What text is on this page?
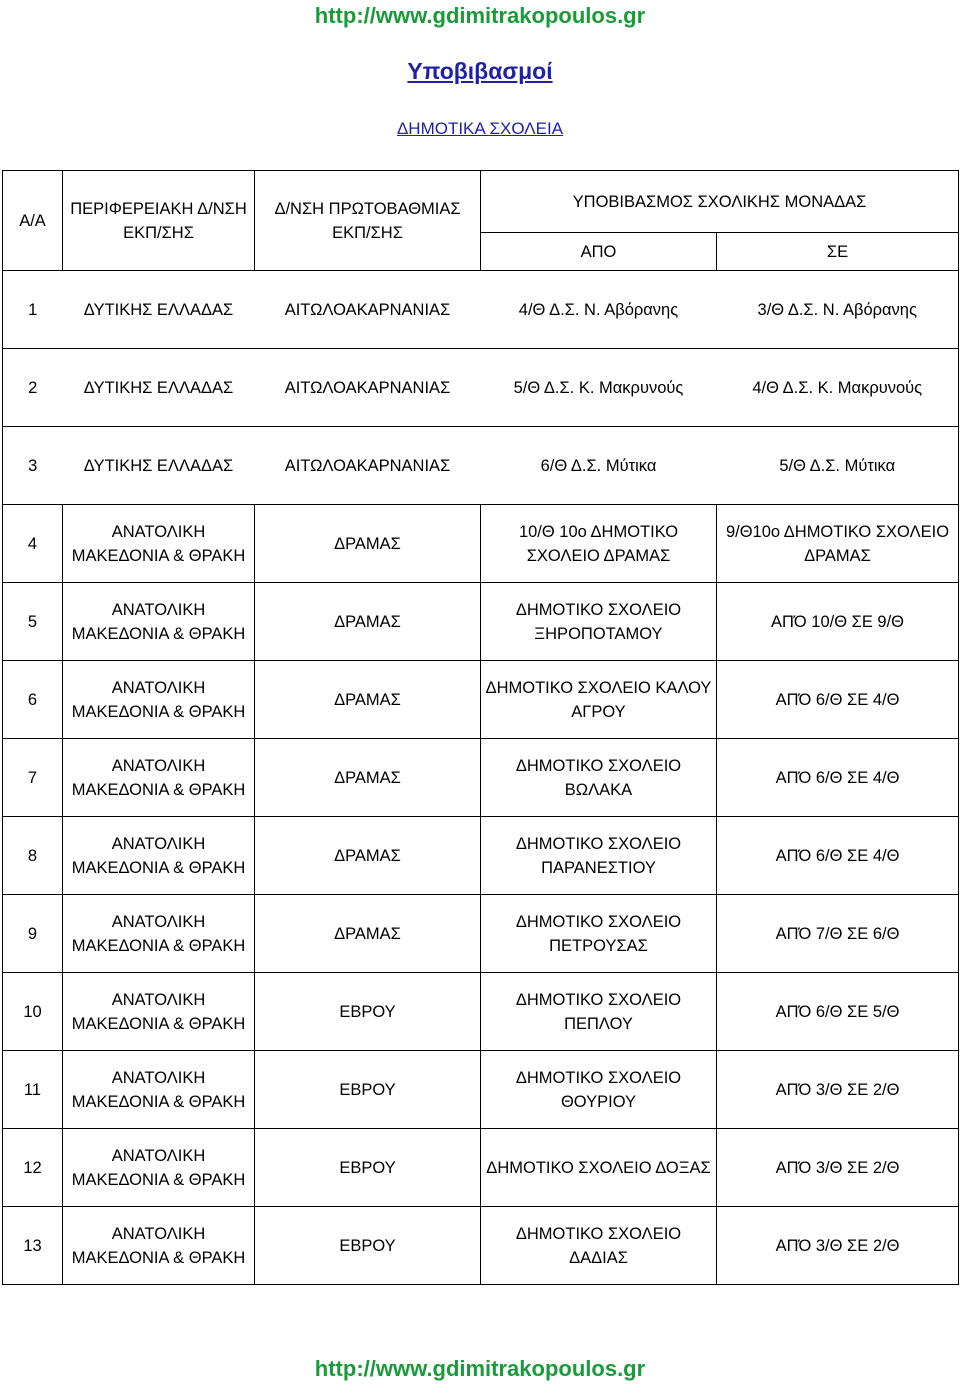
http://www.gdimitrakopoulos.gr
Υποβιβασμοί
ΔΗΜΟΤΙΚΑ ΣΧΟΛΕΙΑ
Α/Α	ΠΕΡΙΦΕΡΕΙΑΚΗ Δ/ΝΣΗ ΕΚΠ/ΣΗΣ	Δ/ΝΣΗ ΠΡΩΤΟΒΑΘΜΙΑΣ ΕΚΠ/ΣΗΣ	ΥΠΟΒΙΒΑΣΜΟΣ ΣΧΟΛΙΚΗΣ ΜΟΝΑΔΑΣ	
			ΑΠΟ	ΣΕ
1	ΔΥΤΙΚΗΣ ΕΛΛΑΔΑΣ	ΑΙΤΩΛΟΑΚΑΡΝΑΝΙΑΣ	4/Θ Δ.Σ. Ν. Αβόρανης	3/Θ Δ.Σ. Ν. Αβόρανης
2	ΔΥΤΙΚΗΣ ΕΛΛΑΔΑΣ	ΑΙΤΩΛΟΑΚΑΡΝΑΝΙΑΣ	5/Θ Δ.Σ. Κ. Μακρυνούς	4/Θ Δ.Σ. Κ. Μακρυνούς
3	ΔΥΤΙΚΗΣ ΕΛΛΑΔΑΣ	ΑΙΤΩΛΟΑΚΑΡΝΑΝΙΑΣ	6/Θ Δ.Σ. Μύτικα	5/Θ Δ.Σ. Μύτικα
4	ΑΝΑΤΟΛΙΚΗ ΜΑΚΕΔΟΝΙΑ & ΘΡΑΚΗ	ΔΡΑΜΑΣ	10/Θ 10ο ΔΗΜΟΤΙΚΟ ΣΧΟΛΕΙΟ ΔΡΑΜΑΣ	9/Θ10ο ΔΗΜΟΤΙΚΟ ΣΧΟΛΕΙΟ ΔΡΑΜΑΣ
5	ΑΝΑΤΟΛΙΚΗ ΜΑΚΕΔΟΝΙΑ & ΘΡΑΚΗ	ΔΡΑΜΑΣ	ΔΗΜΟΤΙΚΟ ΣΧΟΛΕΙΟ ΞΗΡΟΠΟΤΑΜΟΥ	ΑΠΌ 10/Θ ΣΕ 9/Θ
6	ΑΝΑΤΟΛΙΚΗ ΜΑΚΕΔΟΝΙΑ & ΘΡΑΚΗ	ΔΡΑΜΑΣ	ΔΗΜΟΤΙΚΟ ΣΧΟΛΕΙΟ ΚΑΛΟΥ ΑΓΡΟΥ	ΑΠΌ 6/Θ ΣΕ 4/Θ
7	ΑΝΑΤΟΛΙΚΗ ΜΑΚΕΔΟΝΙΑ & ΘΡΑΚΗ	ΔΡΑΜΑΣ	ΔΗΜΟΤΙΚΟ ΣΧΟΛΕΙΟ ΒΩΛΑΚΑ	ΑΠΌ 6/Θ ΣΕ 4/Θ
8	ΑΝΑΤΟΛΙΚΗ ΜΑΚΕΔΟΝΙΑ & ΘΡΑΚΗ	ΔΡΑΜΑΣ	ΔΗΜΟΤΙΚΟ ΣΧΟΛΕΙΟ ΠΑΡΑΝΕΣΤΙΟΥ	ΑΠΌ 6/Θ ΣΕ 4/Θ
9	ΑΝΑΤΟΛΙΚΗ ΜΑΚΕΔΟΝΙΑ & ΘΡΑΚΗ	ΔΡΑΜΑΣ	ΔΗΜΟΤΙΚΟ ΣΧΟΛΕΙΟ ΠΕΤΡΟΥΣΑΣ	ΑΠΌ 7/Θ ΣΕ 6/Θ
10	ΑΝΑΤΟΛΙΚΗ ΜΑΚΕΔΟΝΙΑ & ΘΡΑΚΗ	ΕΒΡΟΥ	ΔΗΜΟΤΙΚΟ ΣΧΟΛΕΙΟ ΠΕΠΛΟΥ	ΑΠΌ 6/Θ ΣΕ 5/Θ
11	ΑΝΑΤΟΛΙΚΗ ΜΑΚΕΔΟΝΙΑ & ΘΡΑΚΗ	ΕΒΡΟΥ	ΔΗΜΟΤΙΚΟ ΣΧΟΛΕΙΟ ΘΟΥΡΙΟΥ	ΑΠΌ 3/Θ ΣΕ 2/Θ
12	ΑΝΑΤΟΛΙΚΗ ΜΑΚΕΔΟΝΙΑ & ΘΡΑΚΗ	ΕΒΡΟΥ	ΔΗΜΟΤΙΚΟ ΣΧΟΛΕΙΟ ΔΟΞΑΣ	ΑΠΌ 3/Θ ΣΕ 2/Θ
13	ΑΝΑΤΟΛΙΚΗ ΜΑΚΕΔΟΝΙΑ & ΘΡΑΚΗ	ΕΒΡΟΥ	ΔΗΜΟΤΙΚΟ ΣΧΟΛΕΙΟ ΔΑΔΙΑΣ	ΑΠΌ 3/Θ ΣΕ 2/Θ
http://www.gdimitrakopoulos.gr
